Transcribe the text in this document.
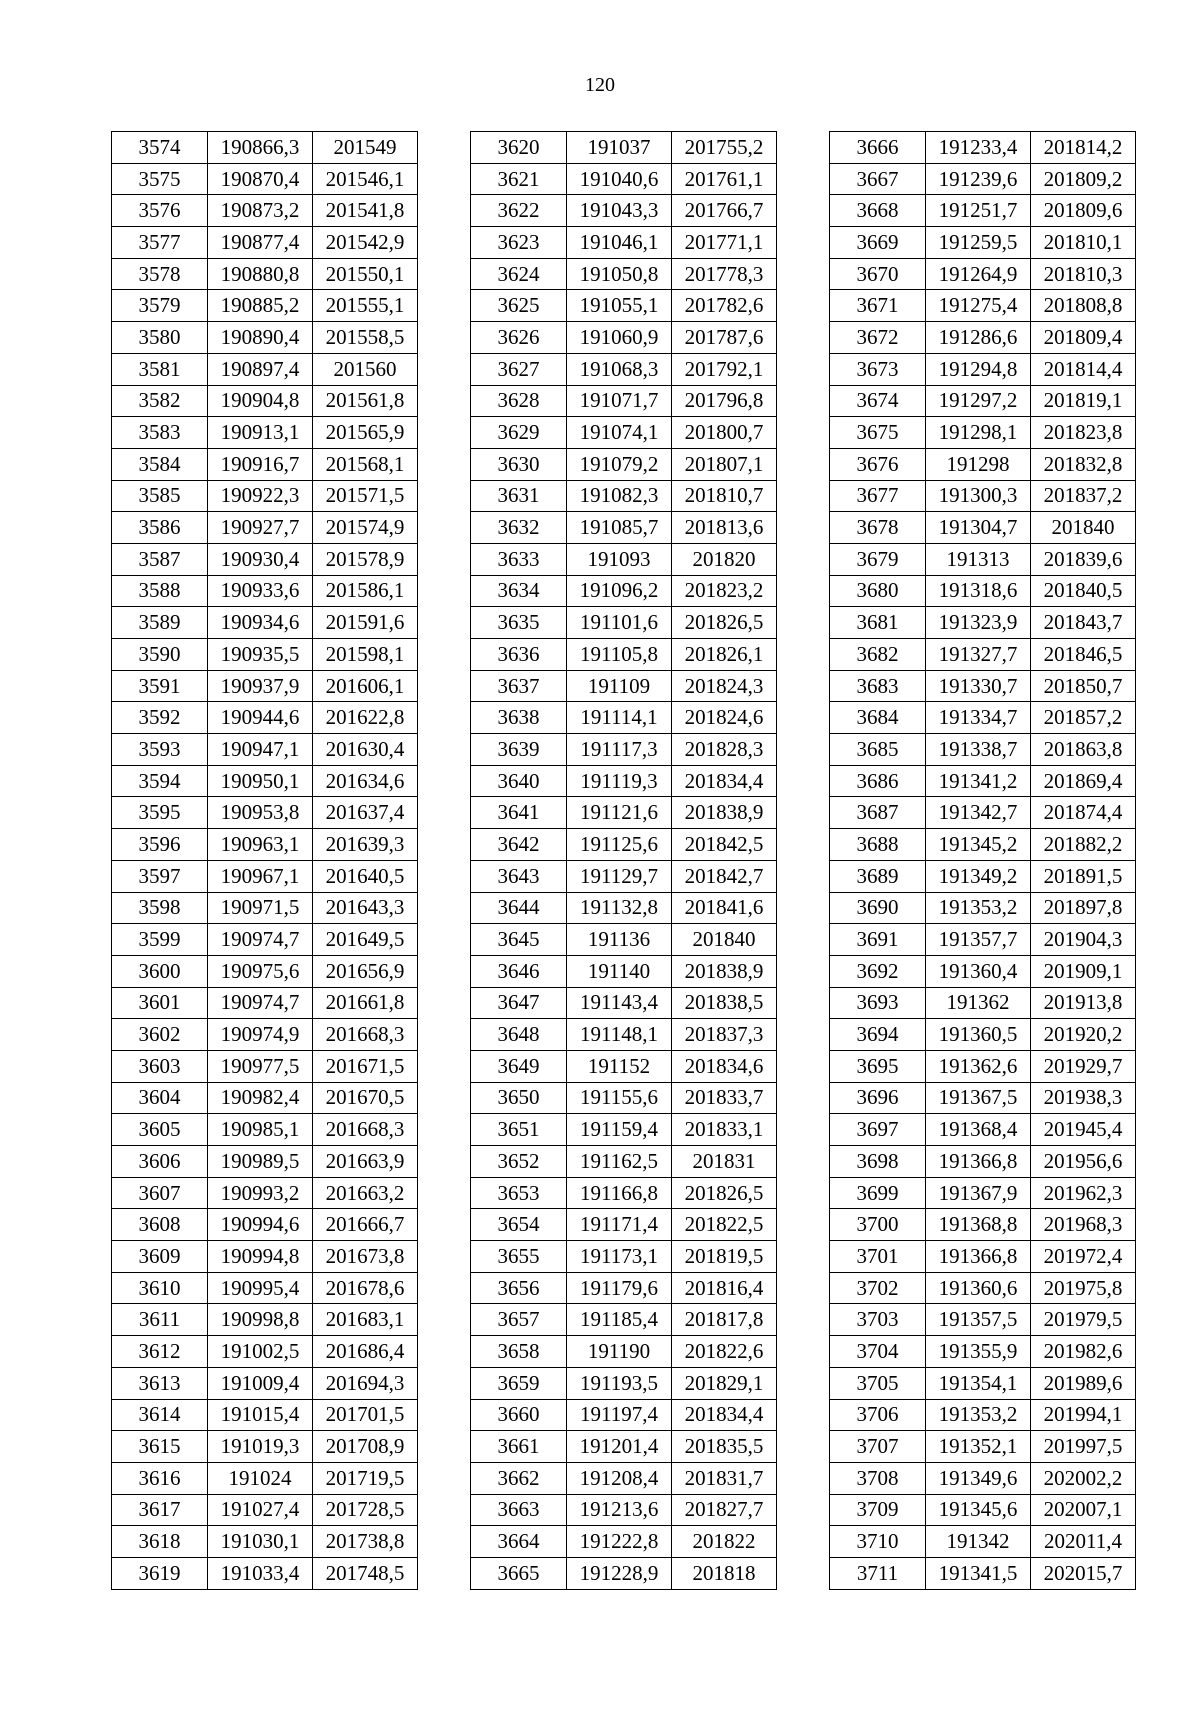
120
3574	190866,3	201549
3575	190870,4	201546,1
3576	190873,2	201541,8
3577	190877,4	201542,9
3578	190880,8	201550,1
3579	190885,2	201555,1
3580	190890,4	201558,5
3581	190897,4	201560
3582	190904,8	201561,8
3583	190913,1	201565,9
3584	190916,7	201568,1
3585	190922,3	201571,5
3586	190927,7	201574,9
3587	190930,4	201578,9
3588	190933,6	201586,1
3589	190934,6	201591,6
3590	190935,5	201598,1
3591	190937,9	201606,1
3592	190944,6	201622,8
3593	190947,1	201630,4
3594	190950,1	201634,6
3595	190953,8	201637,4
3596	190963,1	201639,3
3597	190967,1	201640,5
3598	190971,5	201643,3
3599	190974,7	201649,5
3600	190975,6	201656,9
3601	190974,7	201661,8
3602	190974,9	201668,3
3603	190977,5	201671,5
3604	190982,4	201670,5
3605	190985,1	201668,3
3606	190989,5	201663,9
3607	190993,2	201663,2
3608	190994,6	201666,7
3609	190994,8	201673,8
3610	190995,4	201678,6
3611	190998,8	201683,1
3612	191002,5	201686,4
3613	191009,4	201694,3
3614	191015,4	201701,5
3615	191019,3	201708,9
3616	191024	201719,5
3617	191027,4	201728,5
3618	191030,1	201738,8
3619	191033,4	201748,5
3620	191037	201755,2
3621	191040,6	201761,1
3622	191043,3	201766,7
3623	191046,1	201771,1
3624	191050,8	201778,3
3625	191055,1	201782,6
3626	191060,9	201787,6
3627	191068,3	201792,1
3628	191071,7	201796,8
3629	191074,1	201800,7
3630	191079,2	201807,1
3631	191082,3	201810,7
3632	191085,7	201813,6
3633	191093	201820
3634	191096,2	201823,2
3635	191101,6	201826,5
3636	191105,8	201826,1
3637	191109	201824,3
3638	191114,1	201824,6
3639	191117,3	201828,3
3640	191119,3	201834,4
3641	191121,6	201838,9
3642	191125,6	201842,5
3643	191129,7	201842,7
3644	191132,8	201841,6
3645	191136	201840
3646	191140	201838,9
3647	191143,4	201838,5
3648	191148,1	201837,3
3649	191152	201834,6
3650	191155,6	201833,7
3651	191159,4	201833,1
3652	191162,5	201831
3653	191166,8	201826,5
3654	191171,4	201822,5
3655	191173,1	201819,5
3656	191179,6	201816,4
3657	191185,4	201817,8
3658	191190	201822,6
3659	191193,5	201829,1
3660	191197,4	201834,4
3661	191201,4	201835,5
3662	191208,4	201831,7
3663	191213,6	201827,7
3664	191222,8	201822
3665	191228,9	201818
3666	191233,4	201814,2
3667	191239,6	201809,2
3668	191251,7	201809,6
3669	191259,5	201810,1
3670	191264,9	201810,3
3671	191275,4	201808,8
3672	191286,6	201809,4
3673	191294,8	201814,4
3674	191297,2	201819,1
3675	191298,1	201823,8
3676	191298	201832,8
3677	191300,3	201837,2
3678	191304,7	201840
3679	191313	201839,6
3680	191318,6	201840,5
3681	191323,9	201843,7
3682	191327,7	201846,5
3683	191330,7	201850,7
3684	191334,7	201857,2
3685	191338,7	201863,8
3686	191341,2	201869,4
3687	191342,7	201874,4
3688	191345,2	201882,2
3689	191349,2	201891,5
3690	191353,2	201897,8
3691	191357,7	201904,3
3692	191360,4	201909,1
3693	191362	201913,8
3694	191360,5	201920,2
3695	191362,6	201929,7
3696	191367,5	201938,3
3697	191368,4	201945,4
3698	191366,8	201956,6
3699	191367,9	201962,3
3700	191368,8	201968,3
3701	191366,8	201972,4
3702	191360,6	201975,8
3703	191357,5	201979,5
3704	191355,9	201982,6
3705	191354,1	201989,6
3706	191353,2	201994,1
3707	191352,1	201997,5
3708	191349,6	202002,2
3709	191345,6	202007,1
3710	191342	202011,4
3711	191341,5	202015,7
